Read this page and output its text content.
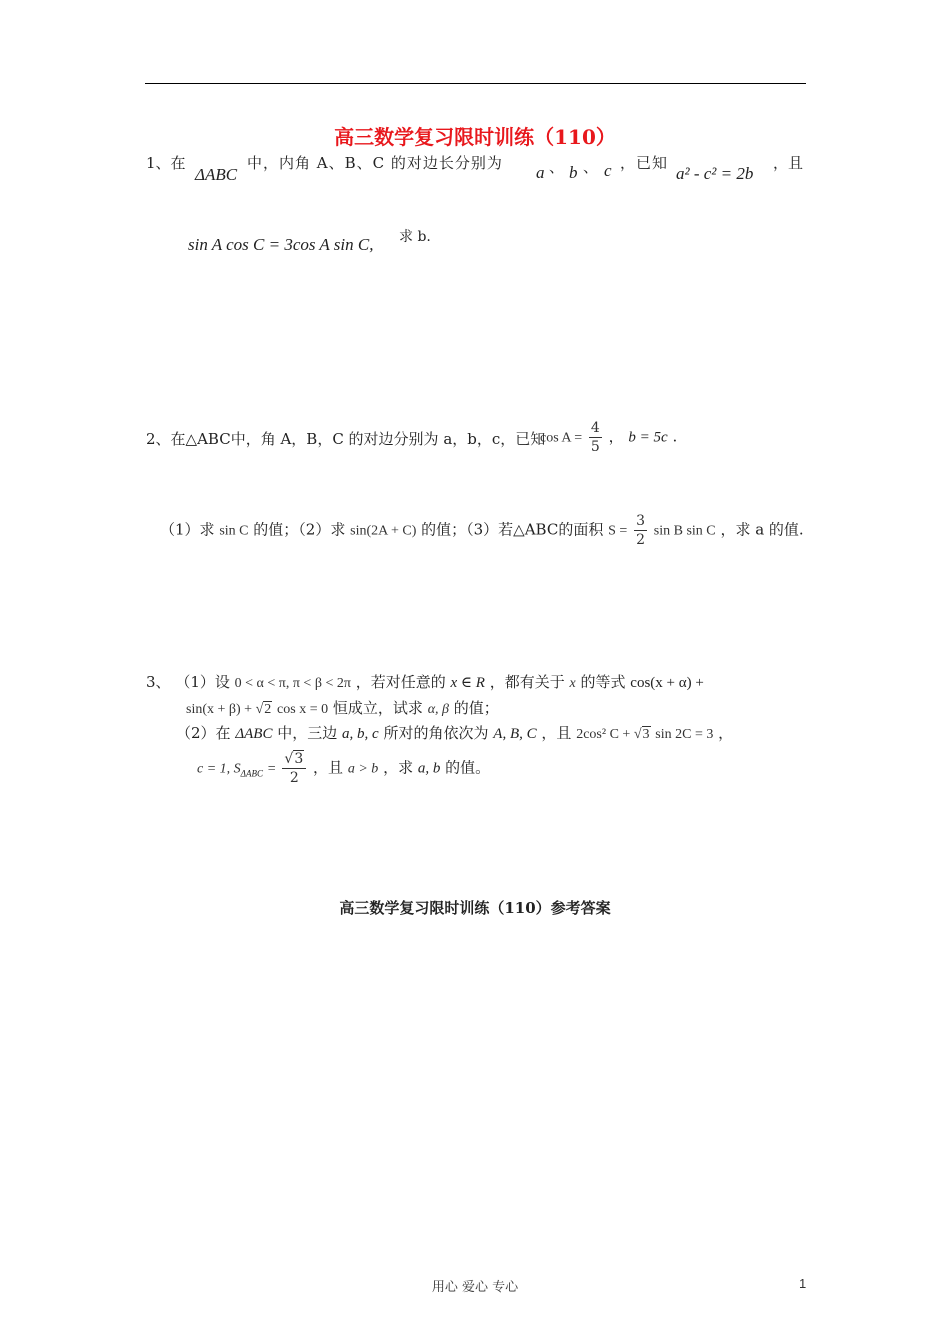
高三数学复习限时训练（110）
1、在
ΔABC
中，内角 A、B、C 的对边长分别为 a 、 b 、 c ，已知
a² - c² = 2b
，且
sin A cos C = 3cos A sin C, 求 b.
2、在△ABC中，角 A，B，C 的对边分别为 a，b，c，已知
$\cos A = \frac{4}{5}$ ， b = 5c .
（1）求 sin C 的值；（2）求 sin(2A + C) 的值；（3）若△ABC的面积 $S = \frac{3}{2}$ sin B sin C ，求 a 的值.
3、 （1）设 0 < α < π, π < β < 2π ，若对任意的 x ∈ R ，都有关于 x 的等式 cos(x + α) +
sin(x + β) + √2 cos x = 0 恒成立，试求 α, β 的值；
（2）在 ΔABC 中，三边 a, b, c 所对的角依次为 A, B, C ，且 2cos² C + √3 sin 2C = 3 ，
c = 1, $S_{\Delta ABC} = \frac{√3}{2}$ ，且 a > b ，求 a, b 的值。
高三数学复习限时训练（110）参考答案
用心 爱心 专心	1
